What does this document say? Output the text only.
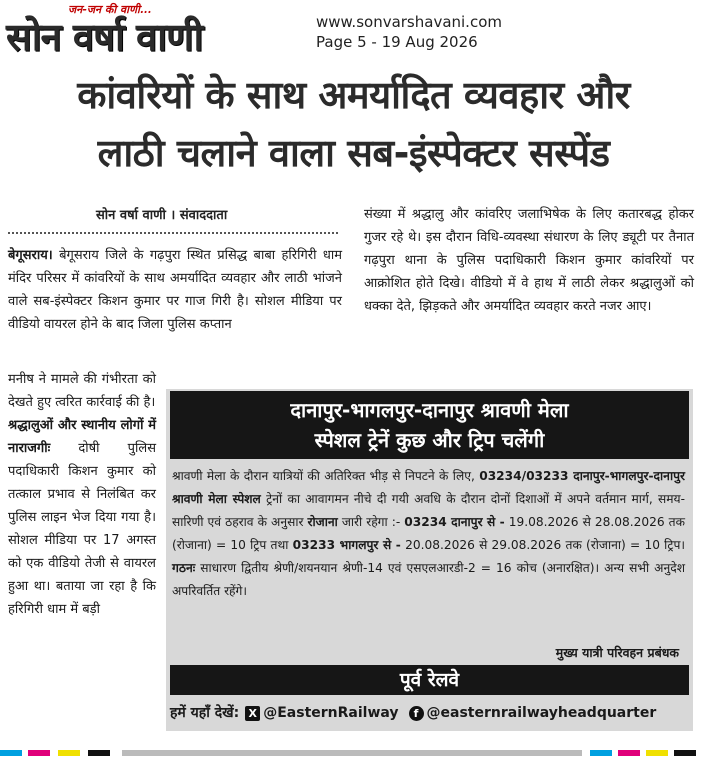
सोन वर्षा वाणी
जन-जन की वाणी...
www.sonvarshavani.com
Page 5 - 19 Aug 2026
कांवरियों के साथ अमर्यादित व्यवहार और
लाठी चलाने वाला सब-इंस्पेक्टर सस्पेंड
सोन वर्षा वाणी । संवाददाता
बेगूसराय। बेगूसराय जिले के गढ़पुरा स्थित प्रसिद्ध बाबा हरिगिरी धाम मंदिर परिसर में कांवरियों के साथ अमर्यादित व्यवहार और लाठी भांजने वाले सब-इंस्पेक्टर किशन कुमार पर गाज गिरी है। सोशल मीडिया पर वीडियो वायरल होने के बाद जिला पुलिस कप्तान
मनीष ने मामले की गंभीरता को देखते हुए त्वरित कार्रवाई की है।
श्रद्धालुओं और स्थानीय लोगों में नाराजगीः दोषी पुलिस पदाधिकारी किशन कुमार को तत्काल प्रभाव से निलंबित कर पुलिस लाइन भेज दिया गया है। सोशल मीडिया पर 17 अगस्त को एक वीडियो तेजी से वायरल हुआ था। बताया जा रहा है कि हरिगिरी धाम में बड़ी
संख्या में श्रद्धालु और कांवरिए जलाभिषेक के लिए कतारबद्ध होकर गुजर रहे थे। इस दौरान विधि-व्यवस्था संधारण के लिए ड्यूटी पर तैनात गढ़पुरा थाना के पुलिस पदाधिकारी किशन कुमार कांवरियों पर आक्रोशित होते दिखे। वीडियो में वे हाथ में लाठी लेकर श्रद्धालुओं को धक्का देते, झिड़कते और अमर्यादित व्यवहार करते नजर आए।
दानापुर-भागलपुर-दानापुर श्रावणी मेला
स्पेशल ट्रेनें कुछ और ट्रिप चलेंगी
श्रावणी मेला के दौरान यात्रियों की अतिरिक्त भीड़ से निपटने के लिए, 03234/03233 दानापुर-भागलपुर-दानापुर श्रावणी मेला स्पेशल ट्रेनों का आवागमन नीचे दी गयी अवधि के दौरान दोनों दिशाओं में अपने वर्तमान मार्ग, समय-सारिणी एवं ठहराव के अनुसार रोजाना जारी रहेगा :- 03234 दानापुर से - 19.08.2026 से 28.08.2026 तक (रोजाना) = 10 ट्रिप तथा 03233 भागलपुर से - 20.08.2026 से 29.08.2026 तक (रोजाना) = 10 ट्रिप। गठनः साधारण द्वितीय श्रेणी/शयनयान श्रेणी-14 एवं एसएलआरडी-2 = 16 कोच (अनारक्षित)। अन्य सभी अनुदेश अपरिवर्तित रहेंगे।
मुख्य यात्री परिवहन प्रबंधक
पूर्व रेलवे
हमें यहाँ देखें: X @EasternRailway f @easternrailwayheadquarter
